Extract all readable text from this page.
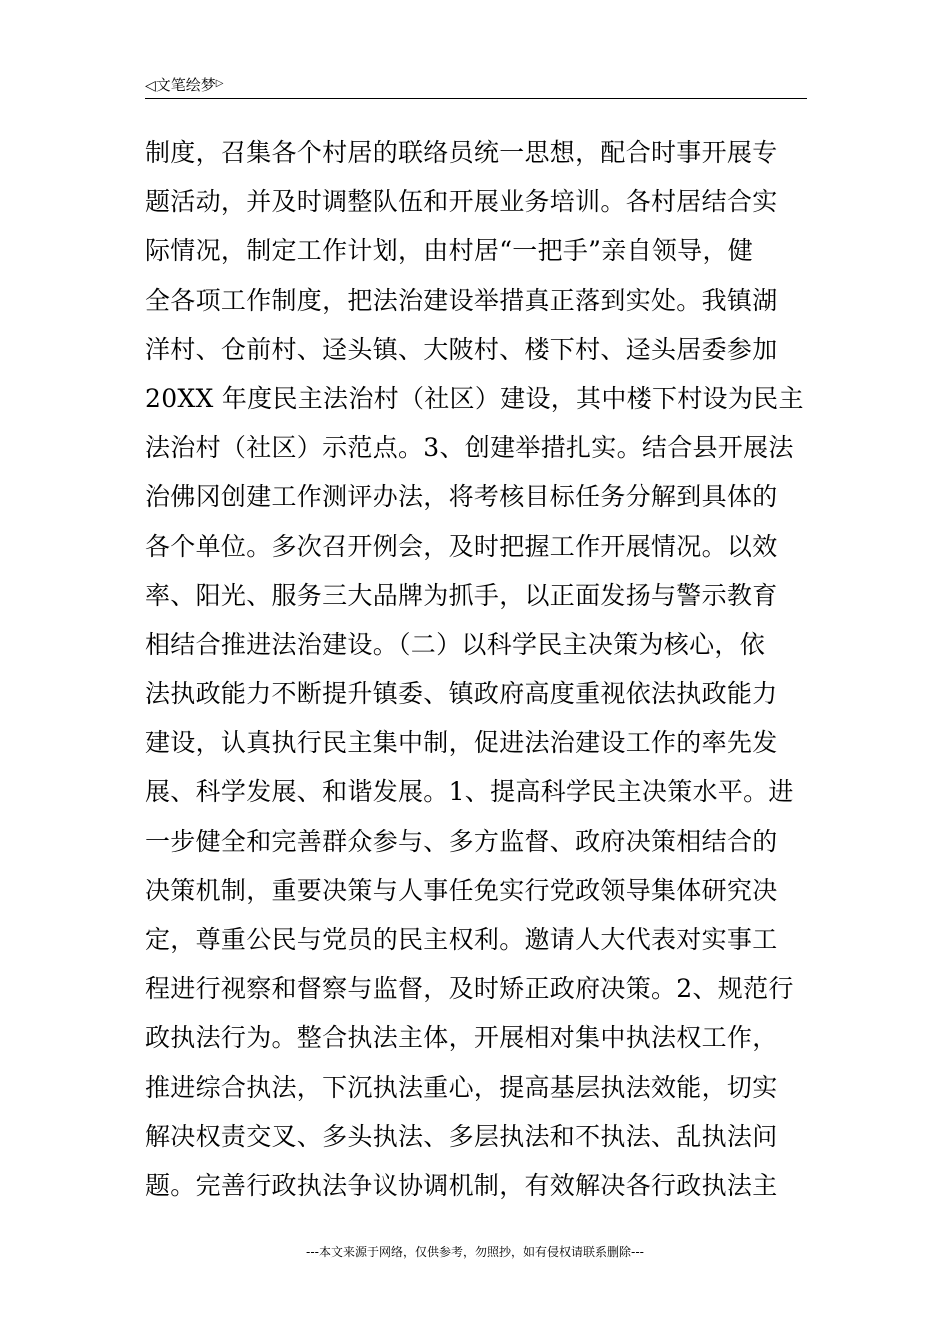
◁文笔绘梦▷
制度，召集各个村居的联络员统一思想，配合时事开展专
题活动，并及时调整队伍和开展业务培训。各村居结合实
际情况，制定工作计划，由村居“一把手”亲自领导，健
全各项工作制度，把法治建设举措真正落到实处。我镇湖
洋村、仓前村、迳头镇、大陂村、楼下村、迳头居委参加
20XX 年度民主法治村（社区）建设，其中楼下村设为民主
法治村（社区）示范点。3、创建举措扎实。结合县开展法
治佛冈创建工作测评办法，将考核目标任务分解到具体的
各个单位。多次召开例会，及时把握工作开展情况。以效
率、阳光、服务三大品牌为抓手，以正面发扬与警示教育
相结合推进法治建设。（二）以科学民主决策为核心，依
法执政能力不断提升镇委、镇政府高度重视依法执政能力
建设，认真执行民主集中制，促进法治建设工作的率先发
展、科学发展、和谐发展。1、提高科学民主决策水平。进
一步健全和完善群众参与、多方监督、政府决策相结合的
决策机制，重要决策与人事任免实行党政领导集体研究决
定，尊重公民与党员的民主权利。邀请人大代表对实事工
程进行视察和督察与监督，及时矫正政府决策。2、规范行
政执法行为。整合执法主体，开展相对集中执法权工作，
推进综合执法，下沉执法重心，提高基层执法效能，切实
解决权责交叉、多头执法、多层执法和不执法、乱执法问
题。完善行政执法争议协调机制，有效解决各行政执法主
---本文来源于网络，仅供参考，勿照抄，如有侵权请联系删除---
